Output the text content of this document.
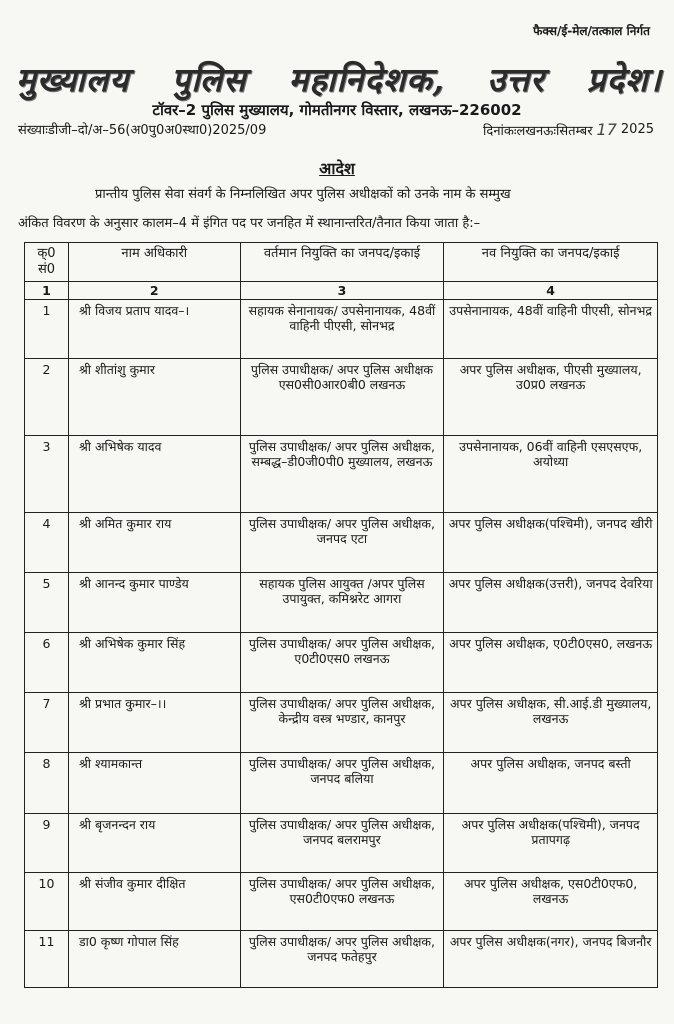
फैक्स/ई-मेल/तत्काल निर्गत
मुख्यालय पुलिस महानिदेशक, उत्तर प्रदेश।
टॉवर–2 पुलिस मुख्यालय, गोमतीनगर विस्तार, लखनऊ–226002
संख्याःडीजी–दो/अ–56(अ0पु0अ0स्था0)2025/09	दिनांकःलखनऊःसितम्बर 17 2025
आदेश
प्रान्तीय पुलिस सेवा संवर्ग के निम्नलिखित अपर पुलिस अधीक्षकों को उनके नाम के सम्मुख
अंकित विवरण के अनुसार कालम–4 में इंगित पद पर जनहित में स्थानान्तरित/तैनात किया जाता है:–
क्0 सं0	नाम अधिकारी	वर्तमान नियुक्ति का जनपद/इकाई	नव नियुक्ति का जनपद/इकाई
1	2	3	4
1	श्री विजय प्रताप यादव–।	सहायक सेनानायक/ उपसेनानायक, 48वीं वाहिनी पीएसी, सोनभद्र	उपसेनानायक, 48वीं वाहिनी पीएसी, सोनभद्र
2	श्री शीतांशु कुमार	पुलिस उपाधीक्षक/ अपर पुलिस अधीक्षक एस0सी0आर0बी0 लखनऊ	अपर पुलिस अधीक्षक, पीएसी मुख्यालय, उ0प्र0 लखनऊ
3	श्री अभिषेक यादव	पुलिस उपाधीक्षक/ अपर पुलिस अधीक्षक, सम्बद्ध–डी0जी0पी0 मुख्यालय, लखनऊ	उपसेनानायक, 06वीं वाहिनी एसएसएफ, अयोध्या
4	श्री अमित कुमार राय	पुलिस उपाधीक्षक/ अपर पुलिस अधीक्षक, जनपद एटा	अपर पुलिस अधीक्षक(पश्चिमी), जनपद खीरी
5	श्री आनन्द कुमार पाण्डेय	सहायक पुलिस आयुक्त /अपर पुलिस उपायुक्त, कमिश्नरेट आगरा	अपर पुलिस अधीक्षक(उत्तरी), जनपद देवरिया
6	श्री अभिषेक कुमार सिंह	पुलिस उपाधीक्षक/ अपर पुलिस अधीक्षक, ए0टी0एस0 लखनऊ	अपर पुलिस अधीक्षक, ए0टी0एस0, लखनऊ
7	श्री प्रभात कुमार–।।	पुलिस उपाधीक्षक/ अपर पुलिस अधीक्षक, केन्द्रीय वस्त्र भण्डार, कानपुर	अपर पुलिस अधीक्षक, सी.आई.डी मुख्यालय, लखनऊ
8	श्री श्यामकान्त	पुलिस उपाधीक्षक/ अपर पुलिस अधीक्षक, जनपद बलिया	अपर पुलिस अधीक्षक, जनपद बस्ती
9	श्री बृजनन्दन राय	पुलिस उपाधीक्षक/ अपर पुलिस अधीक्षक, जनपद बलरामपुर	अपर पुलिस अधीक्षक(पश्चिमी), जनपद प्रतापगढ़
10	श्री संजीव कुमार दीक्षित	पुलिस उपाधीक्षक/ अपर पुलिस अधीक्षक, एस0टी0एफ0 लखनऊ	अपर पुलिस अधीक्षक, एस0टी0एफ0, लखनऊ
11	डा0 कृष्ण गोपाल सिंह	पुलिस उपाधीक्षक/ अपर पुलिस अधीक्षक, जनपद फतेहपुर	अपर पुलिस अधीक्षक(नगर), जनपद बिजनौर
